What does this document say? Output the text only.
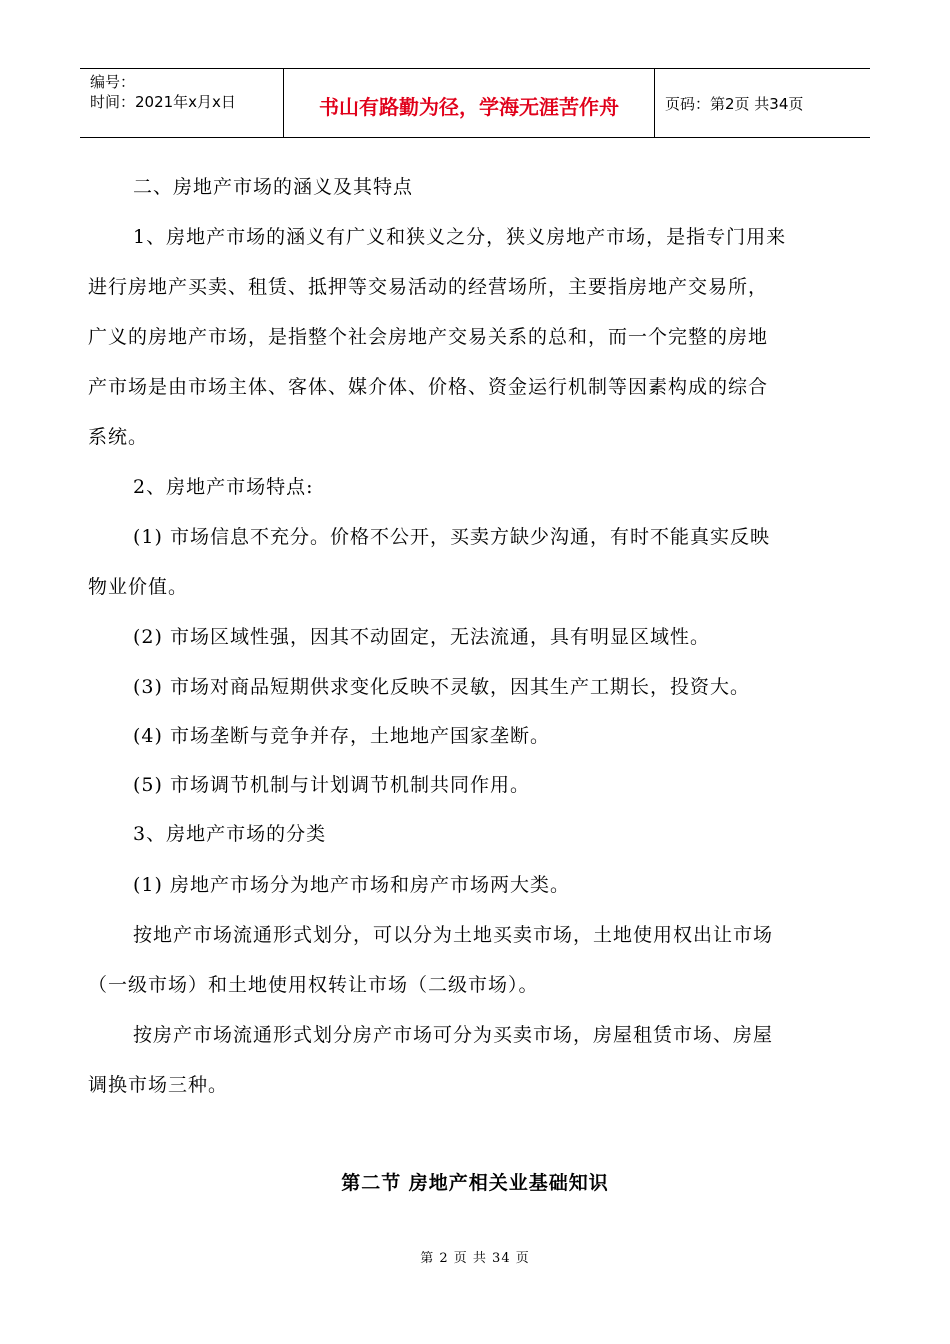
编号：
时间：2021年x月x日	书山有路勤为径，学海无涯苦作舟	页码：第2页 共34页
二、房地产市场的涵义及其特点
1、房地产市场的涵义有广义和狭义之分，狭义房地产市场，是指专门用来
进行房地产买卖、租赁、抵押等交易活动的经营场所，主要指房地产交易所，
广义的房地产市场，是指整个社会房地产交易关系的总和，而一个完整的房地
产市场是由市场主体、客体、媒介体、价格、资金运行机制等因素构成的综合
系统。
2、房地产市场特点:
(1) 市场信息不充分。价格不公开，买卖方缺少沟通，有时不能真实反映
物业价值。
(2) 市场区域性强，因其不动固定，无法流通，具有明显区域性。
(3) 市场对商品短期供求变化反映不灵敏，因其生产工期长，投资大。
(4) 市场垄断与竞争并存，土地地产国家垄断。
(5) 市场调节机制与计划调节机制共同作用。
3、房地产市场的分类
(1) 房地产市场分为地产市场和房产市场两大类。
按地产市场流通形式划分，可以分为土地买卖市场，土地使用权出让市场
（一级市场）和土地使用权转让市场（二级市场）。
按房产市场流通形式划分房产市场可分为买卖市场，房屋租赁市场、房屋
调换市场三种。
第二节 房地产相关业基础知识
第 2 页 共 34 页
